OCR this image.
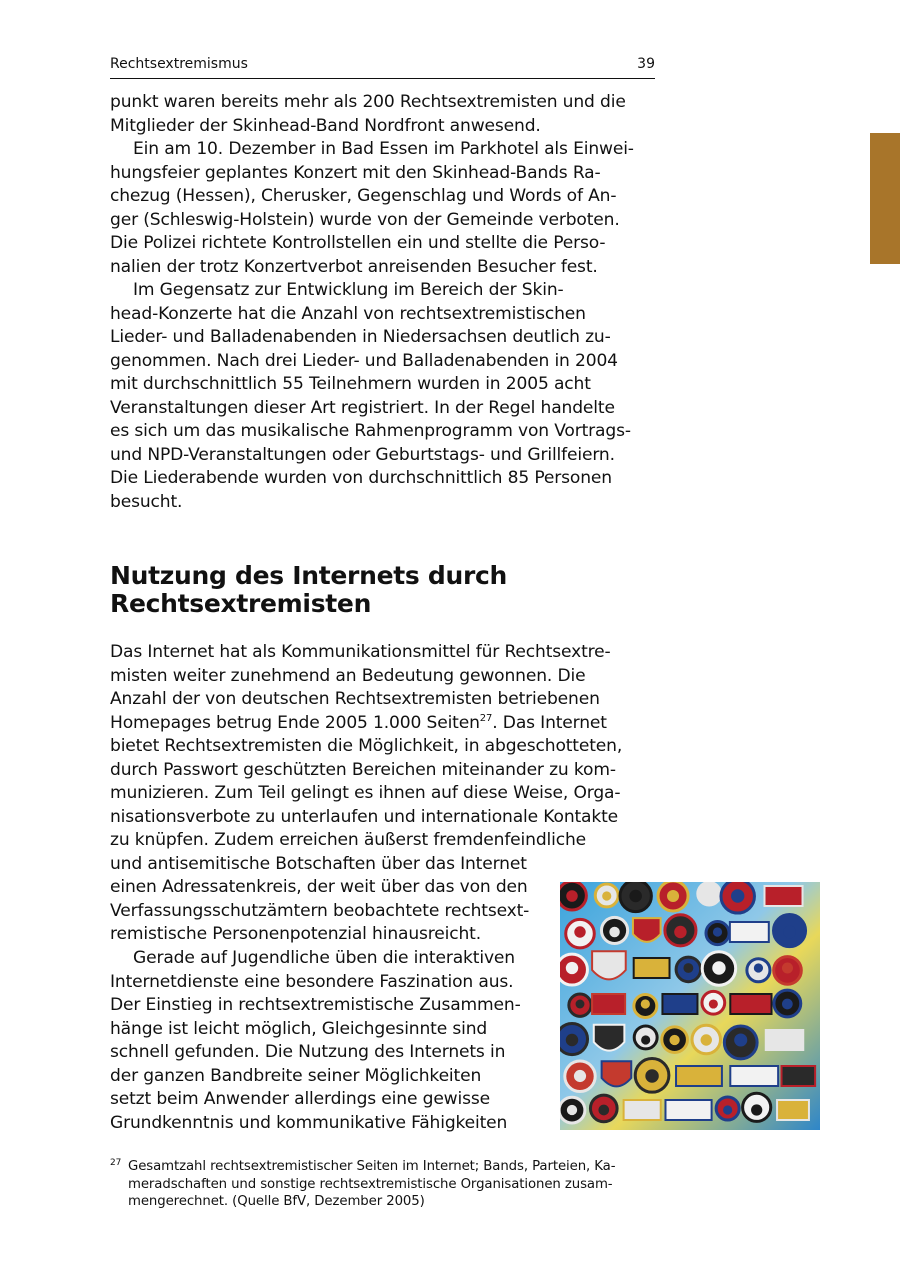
Rechtsextremismus	39

punkt waren bereits mehr als 200 Rechtsextremisten und die
Mitglieder der Skinhead-Band Nordfront anwesend.

Ein am 10. Dezember in Bad Essen im Parkhotel als Einwei-
hungsfeier geplantes Konzert mit den Skinhead-Bands Ra-
chezug (Hessen), Cherusker, Gegenschlag und Words of An-
ger (Schleswig-Holstein) wurde von der Gemeinde verboten.
Die Polizei richtete Kontrollstellen ein und stellte die Perso-
nalien der trotz Konzertverbot anreisenden Besucher fest.

Im Gegensatz zur Entwicklung im Bereich der Skin-
head-Konzerte hat die Anzahl von rechtsextremistischen
Lieder- und Balladenabenden in Niedersachsen deutlich zu-
genommen. Nach drei Lieder- und Balladenabenden in 2004
mit durchschnittlich 55 Teilnehmern wurden in 2005 acht
Veranstaltungen dieser Art registriert. In der Regel handelte
es sich um das musikalische Rahmenprogramm von Vortrags-
und NPD-Veranstaltungen oder Geburtstags- und Grillfeiern.
Die Liederabende wurden von durchschnittlich 85 Personen
besucht.

Nutzung des Internets durch
Rechtsextremisten

Das Internet hat als Kommunikationsmittel für Rechtsextre-
misten weiter zunehmend an Bedeutung gewonnen. Die
Anzahl der von deutschen Rechtsextremisten betriebenen
Homepages betrug Ende 2005 1.000 Seiten$^{27}$. Das Internet
bietet Rechtsextremisten die Möglichkeit, in abgeschotteten,
durch Passwort geschützten Bereichen miteinander zu kom-
munizieren. Zum Teil gelingt es ihnen auf diese Weise, Orga-
nisationsverbote zu unterlaufen und internationale Kontakte
zu knüpfen. Zudem erreichen äußerst fremdenfeindliche
und antisemitische Botschaften über das Internet
einen Adressatenkreis, der weit über das von den
Verfassungsschutzämtern beobachtete rechtsext-
remistische Personenpotenzial hinausreicht.

Gerade auf Jugendliche üben die interaktiven
Internetdienste eine besondere Faszination aus.
Der Einstieg in rechtsextremistische Zusammen-
hänge ist leicht möglich, Gleichgesinnte sind
schnell gefunden. Die Nutzung des Internets in
der ganzen Bandbreite seiner Möglichkeiten
setzt beim Anwender allerdings eine gewisse
Grundkenntnis und kommunikative Fähigkeiten

27 Gesamtzahl rechtsextremistischer Seiten im Internet; Bands, Parteien, Ka-
meradschaften und sonstige rechtsextremistische Organisationen zusam-
mengerechnet. (Quelle BfV, Dezember 2005)
